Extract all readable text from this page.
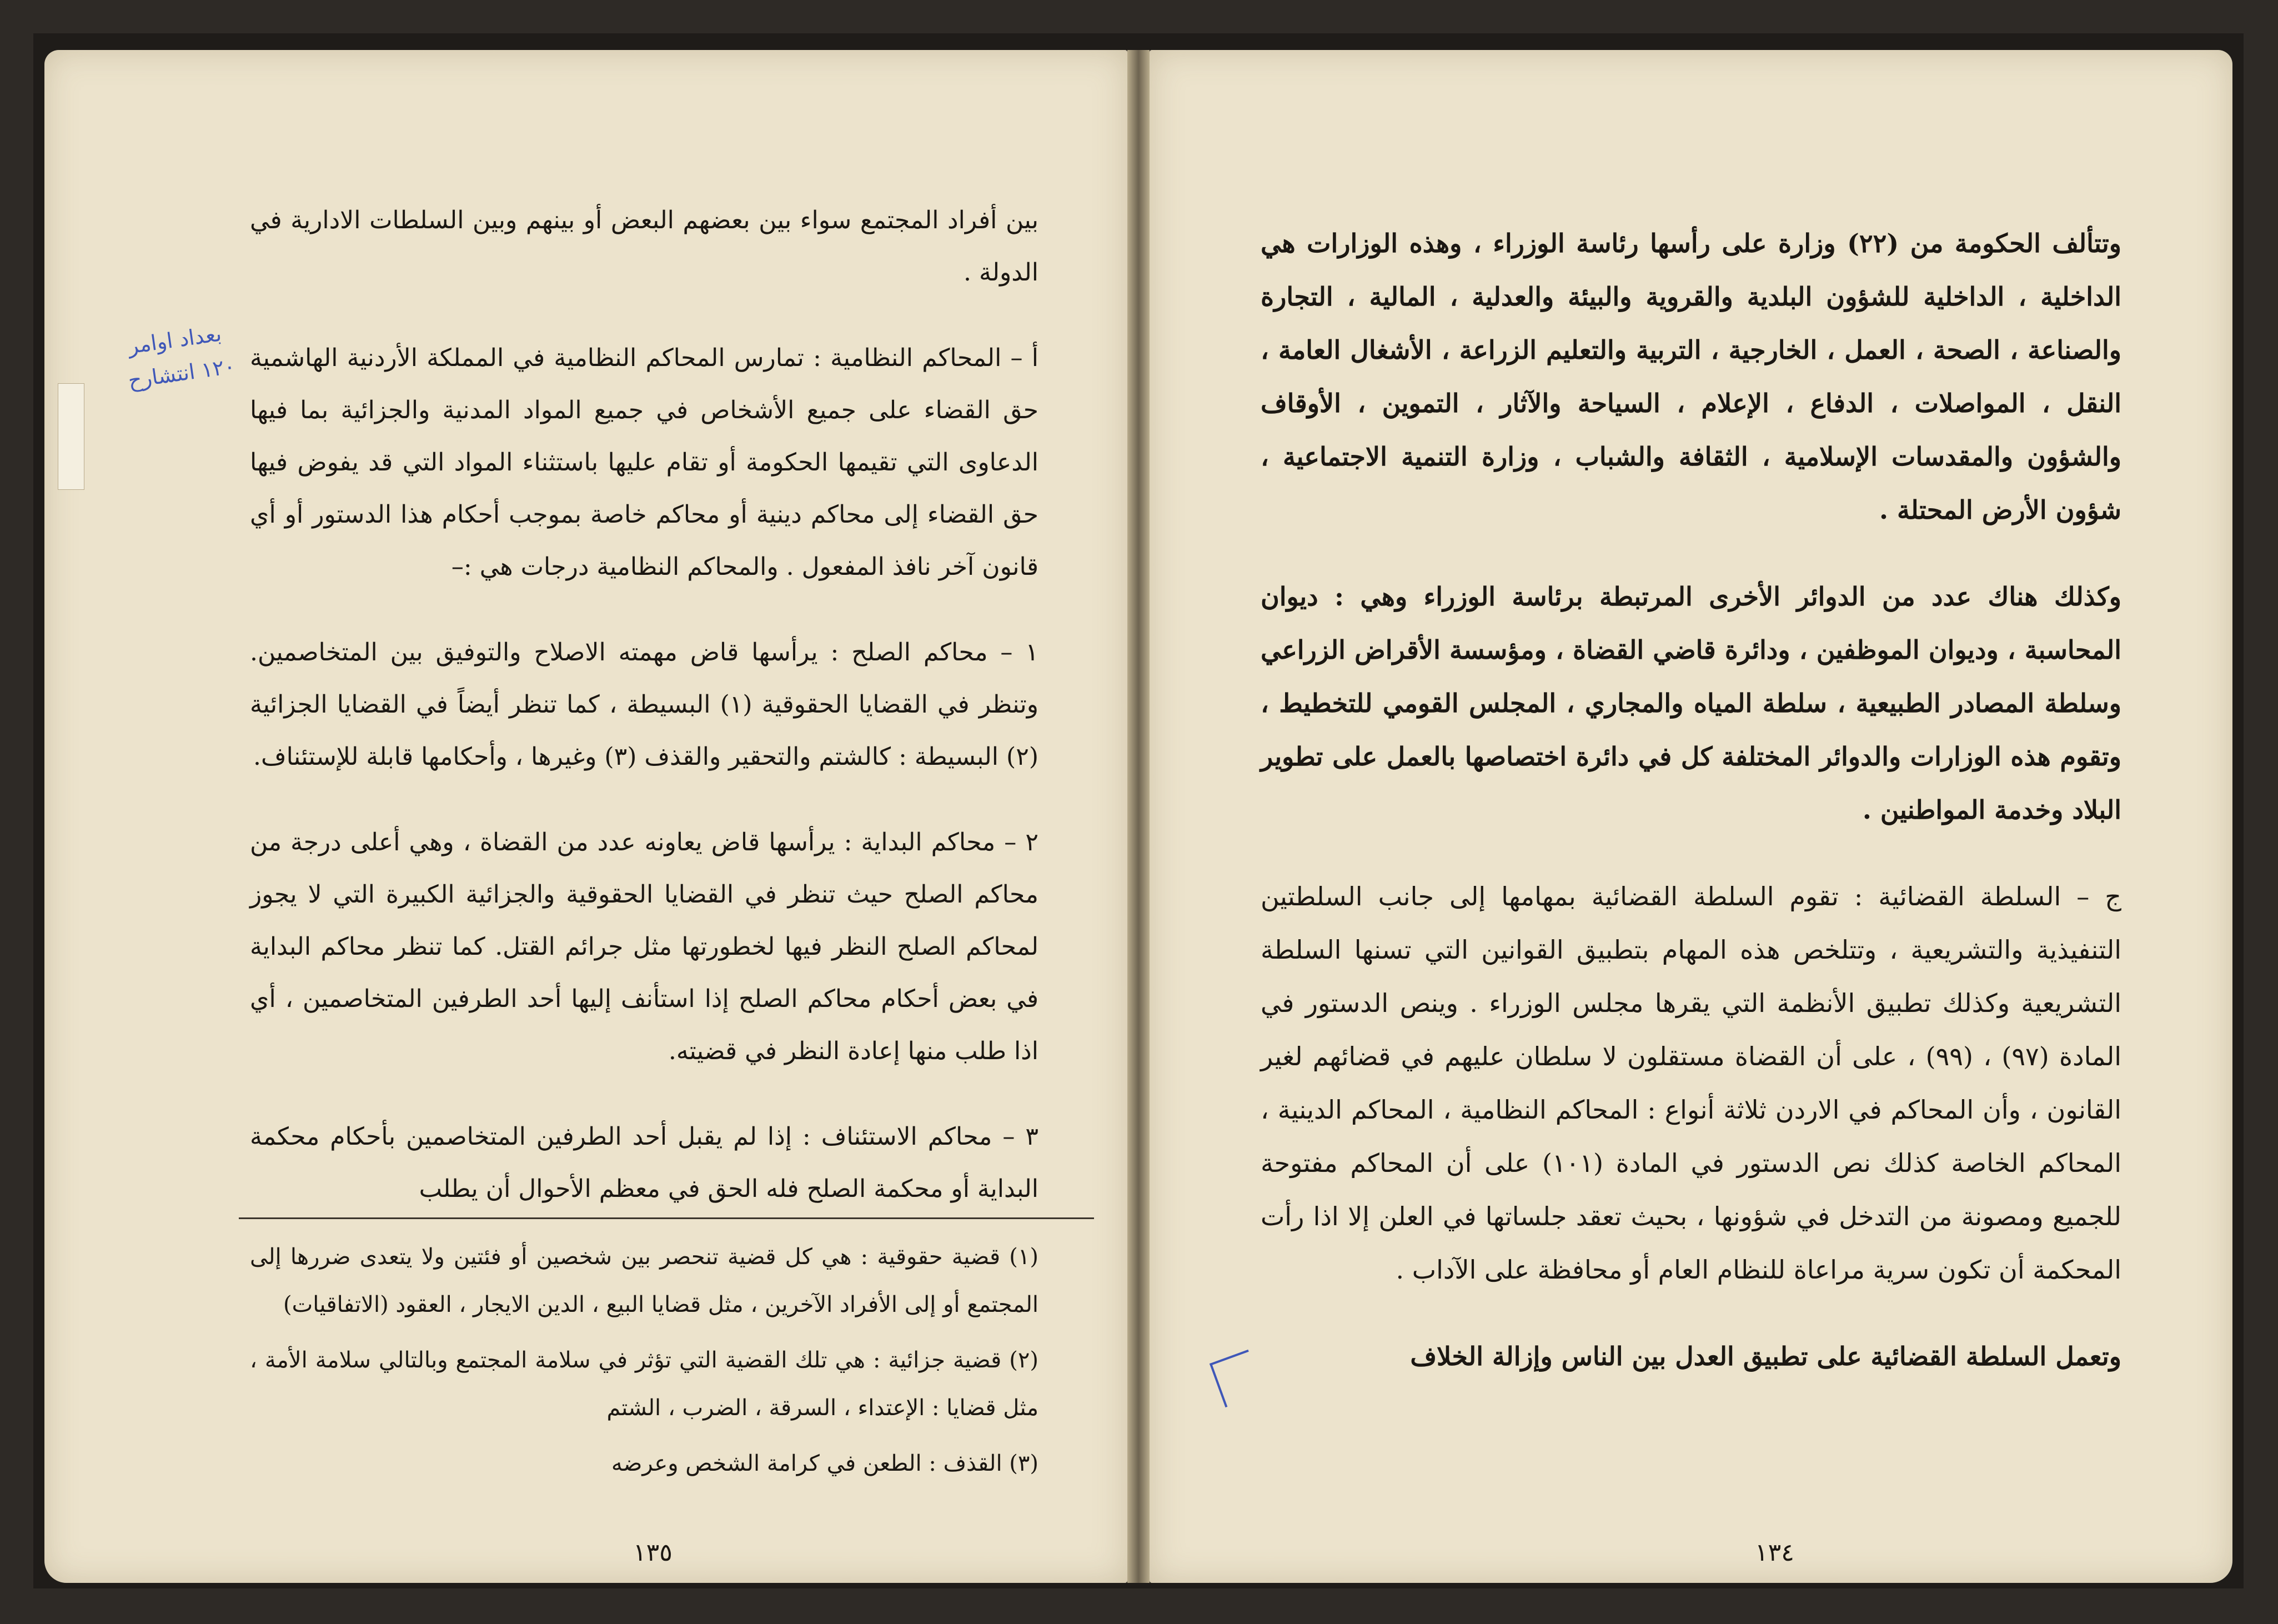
بين أفراد المجتمع سواء بين بعضهم البعض أو بينهم وبين السلطات الادارية في الدولة .

أ – المحاكم النظامية : تمارس المحاكم النظامية في المملكة الأردنية الهاشمية حق القضاء على جميع الأشخاص في جميع المواد المدنية والجزائية بما فيها الدعاوى التي تقيمها الحكومة أو تقام عليها باستثناء المواد التي قد يفوض فيها حق القضاء إلى محاكم دينية أو محاكم خاصة بموجب أحكام هذا الدستور أو أي قانون آخر نافذ المفعول . والمحاكم النظامية درجات هي :–

١ – محاكم الصلح : يرأسها قاض مهمته الاصلاح والتوفيق بين المتخاصمين. وتنظر في القضايا الحقوقية (١) البسيطة ، كما تنظر أيضاً في القضايا الجزائية (٢) البسيطة : كالشتم والتحقير والقذف (٣) وغيرها ، وأحكامها قابلة للإستئناف.

٢ – محاكم البداية : يرأسها قاض يعاونه عدد من القضاة ، وهي أعلى درجة من محاكم الصلح حيث تنظر في القضايا الحقوقية والجزائية الكبيرة التي لا يجوز لمحاكم الصلح النظر فيها لخطورتها مثل جرائم القتل. كما تنظر محاكم البداية في بعض أحكام محاكم الصلح إذا استأنف إليها أحد الطرفين المتخاصمين ، أي اذا طلب منها إعادة النظر في قضيته.

٣ – محاكم الاستئناف : إذا لم يقبل أحد الطرفين المتخاصمين بأحكام محكمة البداية أو محكمة الصلح فله الحق في معظم الأحوال أن يطلب

(١) قضية حقوقية : هي كل قضية تنحصر بين شخصين أو فئتين ولا يتعدى ضررها إلى المجتمع أو إلى الأفراد الآخرين ، مثل قضايا البيع ، الدين الايجار ، العقود (الاتفاقيات)

(٢) قضية جزائية : هي تلك القضية التي تؤثر في سلامة المجتمع وبالتالي سلامة الأمة ، مثل قضايا : الإعتداء ، السرقة ، الضرب ، الشتم

(٣) القذف : الطعن في كرامة الشخص وعرضه

١٣٥
بعداد اوامر
١٢٠ انتشارح

وتتألف الحكومة من (٢٢) وزارة على رأسها رئاسة الوزراء ، وهذه الوزارات هي الداخلية ، الداخلية للشؤون البلدية والقروية والبيئة والعدلية ، المالية ، التجارة والصناعة ، الصحة ، العمل ، الخارجية ، التربية والتعليم الزراعة ، الأشغال العامة ، النقل ، المواصلات ، الدفاع ، الإعلام ، السياحة والآثار ، التموين ، الأوقاف والشؤون والمقدسات الإسلامية ، الثقافة والشباب ، وزارة التنمية الاجتماعية ، شؤون الأرض المحتلة .

وكذلك هناك عدد من الدوائر الأخرى المرتبطة برئاسة الوزراء وهي : ديوان المحاسبة ، وديوان الموظفين ، ودائرة قاضي القضاة ، ومؤسسة الأقراض الزراعي وسلطة المصادر الطبيعية ، سلطة المياه والمجاري ، المجلس القومي للتخطيط ، وتقوم هذه الوزارات والدوائر المختلفة كل في دائرة اختصاصها بالعمل على تطوير البلاد وخدمة المواطنين .

ج – السلطة القضائية : تقوم السلطة القضائية بمهامها إلى جانب السلطتين التنفيذية والتشريعية ، وتتلخص هذه المهام بتطبيق القوانين التي تسنها السلطة التشريعية وكذلك تطبيق الأنظمة التي يقرها مجلس الوزراء . وينص الدستور في المادة (٩٧) ، (٩٩) ، على أن القضاة مستقلون لا سلطان عليهم في قضائهم لغير القانون ، وأن المحاكم في الاردن ثلاثة أنواع : المحاكم النظامية ، المحاكم الدينية ، المحاكم الخاصة كذلك نص الدستور في المادة (١٠١) على أن المحاكم مفتوحة للجميع ومصونة من التدخل في شؤونها ، بحيث تعقد جلساتها في العلن إلا اذا رأت المحكمة أن تكون سرية مراعاة للنظام العام أو محافظة على الآداب .

وتعمل السلطة القضائية على تطبيق العدل بين الناس وإزالة الخلاف

١٣٤
